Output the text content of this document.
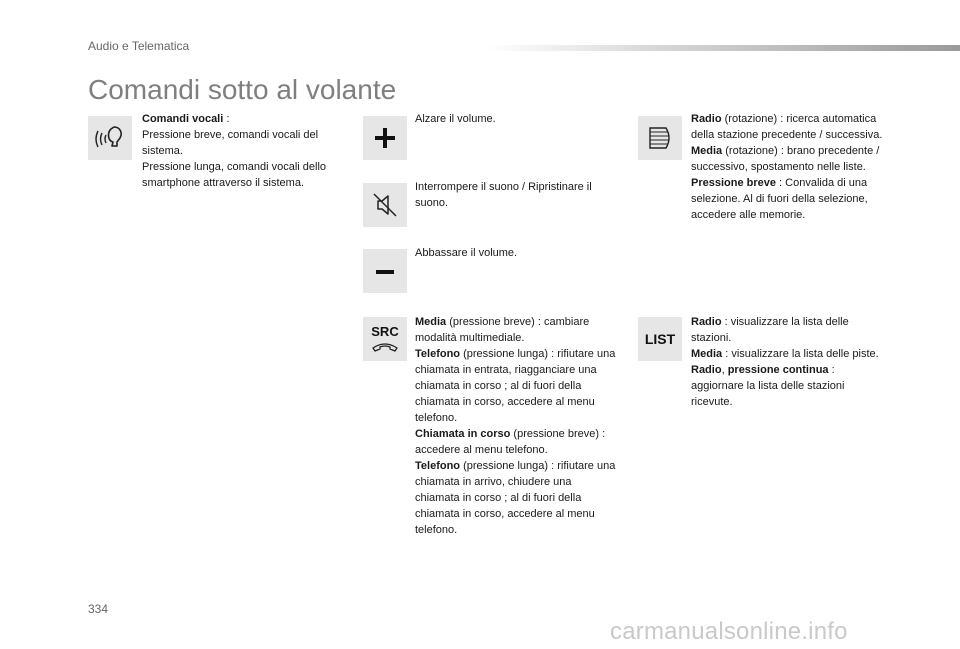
Audio e Telematica
Comandi sotto al volante
Comandi vocali :
Pressione breve, comandi vocali del sistema.
Pressione lunga, comandi vocali dello smartphone attraverso il sistema.
Alzare il volume.
Interrompere il suono / Ripristinare il suono.
Abbassare il volume.
SRC
Media (pressione breve) : cambiare modalità multimediale.
Telefono (pressione lunga) : rifiutare una chiamata in entrata, riagganciare una chiamata in corso ; al di fuori della chiamata in corso, accedere al menu telefono.
Chiamata in corso (pressione breve) : accedere al menu telefono.
Telefono (pressione lunga) : rifiutare una chiamata in arrivo, chiudere una chiamata in corso ; al di fuori della chiamata in corso, accedere al menu telefono.
Radio (rotazione) : ricerca automatica della stazione precedente / successiva.
Media (rotazione) : brano precedente / successivo, spostamento nelle liste.
Pressione breve : Convalida di una selezione. Al di fuori della selezione, accedere alle memorie.
LIST
Radio : visualizzare la lista delle stazioni.
Media : visualizzare la lista delle piste.
Radio, pressione continua : aggiornare la lista delle stazioni ricevute.
334
carmanualsonline.info
